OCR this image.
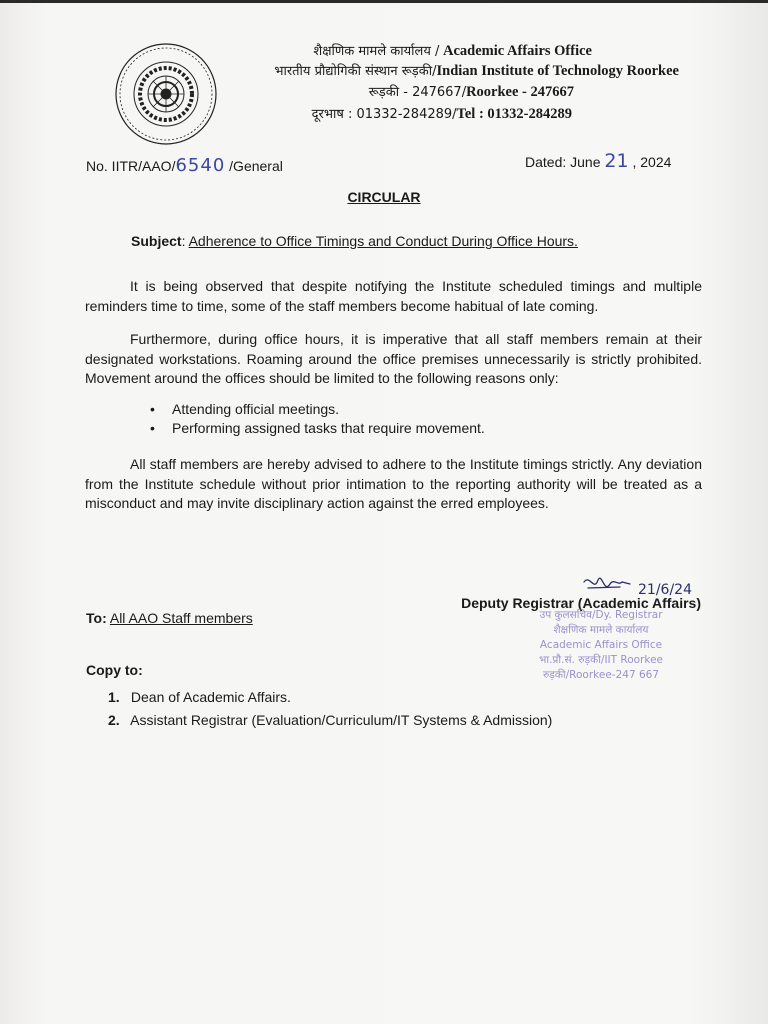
शैक्षणिक मामले कार्यालय / Academic Affairs Office
भारतीय प्रौद्योगिकी संस्थान रूड़की/Indian Institute of Technology Roorkee
रूड़की - 247667/Roorkee - 247667
दूरभाष : 01332-284289/Tel : 01332-284289
No. IITR/AAO/6540 /General	Dated: June 21 , 2024
CIRCULAR
Subject: Adherence to Office Timings and Conduct During Office Hours.
It is being observed that despite notifying the Institute scheduled timings and multiple reminders time to time, some of the staff members become habitual of late coming.
Furthermore, during office hours, it is imperative that all staff members remain at their designated workstations. Roaming around the office premises unnecessarily is strictly prohibited. Movement around the offices should be limited to the following reasons only:
• Attending official meetings.
• Performing assigned tasks that require movement.
All staff members are hereby advised to adhere to the Institute timings strictly. Any deviation from the Institute schedule without prior intimation to the reporting authority will be treated as a misconduct and may invite disciplinary action against the erred employees.
21/6/24
Deputy Registrar (Academic Affairs)
उप कुलसचिव/Dy. Registrar
शैक्षणिक मामले कार्यालय
Academic Affairs Office
भा.प्रौ.सं. रुड़की/IIT Roorkee
रुड़की/Roorkee-247 667
To: All AAO Staff members
Copy to:
1. Dean of Academic Affairs.
2. Assistant Registrar (Evaluation/Curriculum/IT Systems & Admission)
